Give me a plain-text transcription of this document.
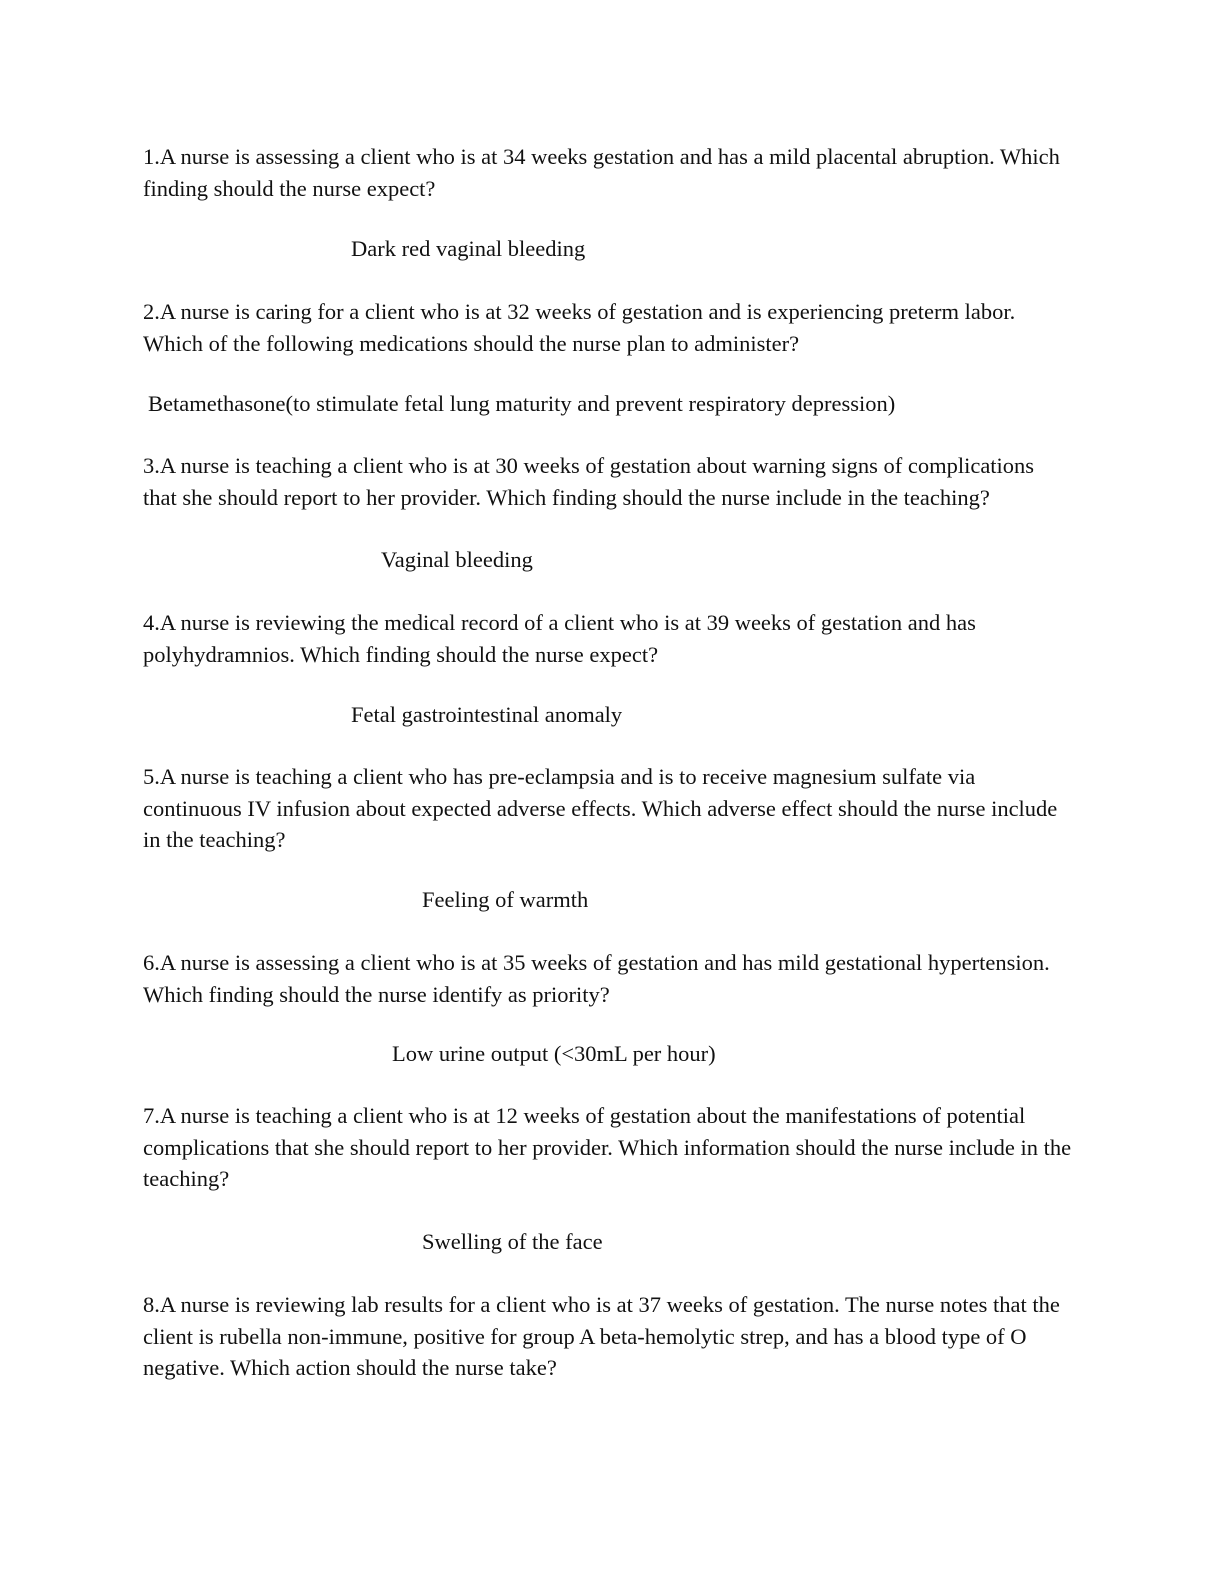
1.A nurse is assessing a client who is at 34 weeks gestation and has a mild placental abruption. Which finding should the nurse expect?

Dark red vaginal bleeding

2.A nurse is caring for a client who is at 32 weeks of gestation and is experiencing preterm labor. Which of the following medications should the nurse plan to administer?

Betamethasone(to stimulate fetal lung maturity and prevent respiratory depression)

3.A nurse is teaching a client who is at 30 weeks of gestation about warning signs of complications that she should report to her provider. Which finding should the nurse include in the teaching?

Vaginal bleeding

4.A nurse is reviewing the medical record of a client who is at 39 weeks of gestation and has polyhydramnios. Which finding should the nurse expect?

Fetal gastrointestinal anomaly

5.A nurse is teaching a client who has pre-eclampsia and is to receive magnesium sulfate via continuous IV infusion about expected adverse effects. Which adverse effect should the nurse include in the teaching?

Feeling of warmth

6.A nurse is assessing a client who is at 35 weeks of gestation and has mild gestational hypertension. Which finding should the nurse identify as priority?

Low urine output (<30mL per hour)

7.A nurse is teaching a client who is at 12 weeks of gestation about the manifestations of potential complications that she should report to her provider. Which information should the nurse include in the teaching?

Swelling of the face

8.A nurse is reviewing lab results for a client who is at 37 weeks of gestation. The nurse notes that the client is rubella non-immune, positive for group A beta-hemolytic strep, and has a blood type of O negative. Which action should the nurse take?
